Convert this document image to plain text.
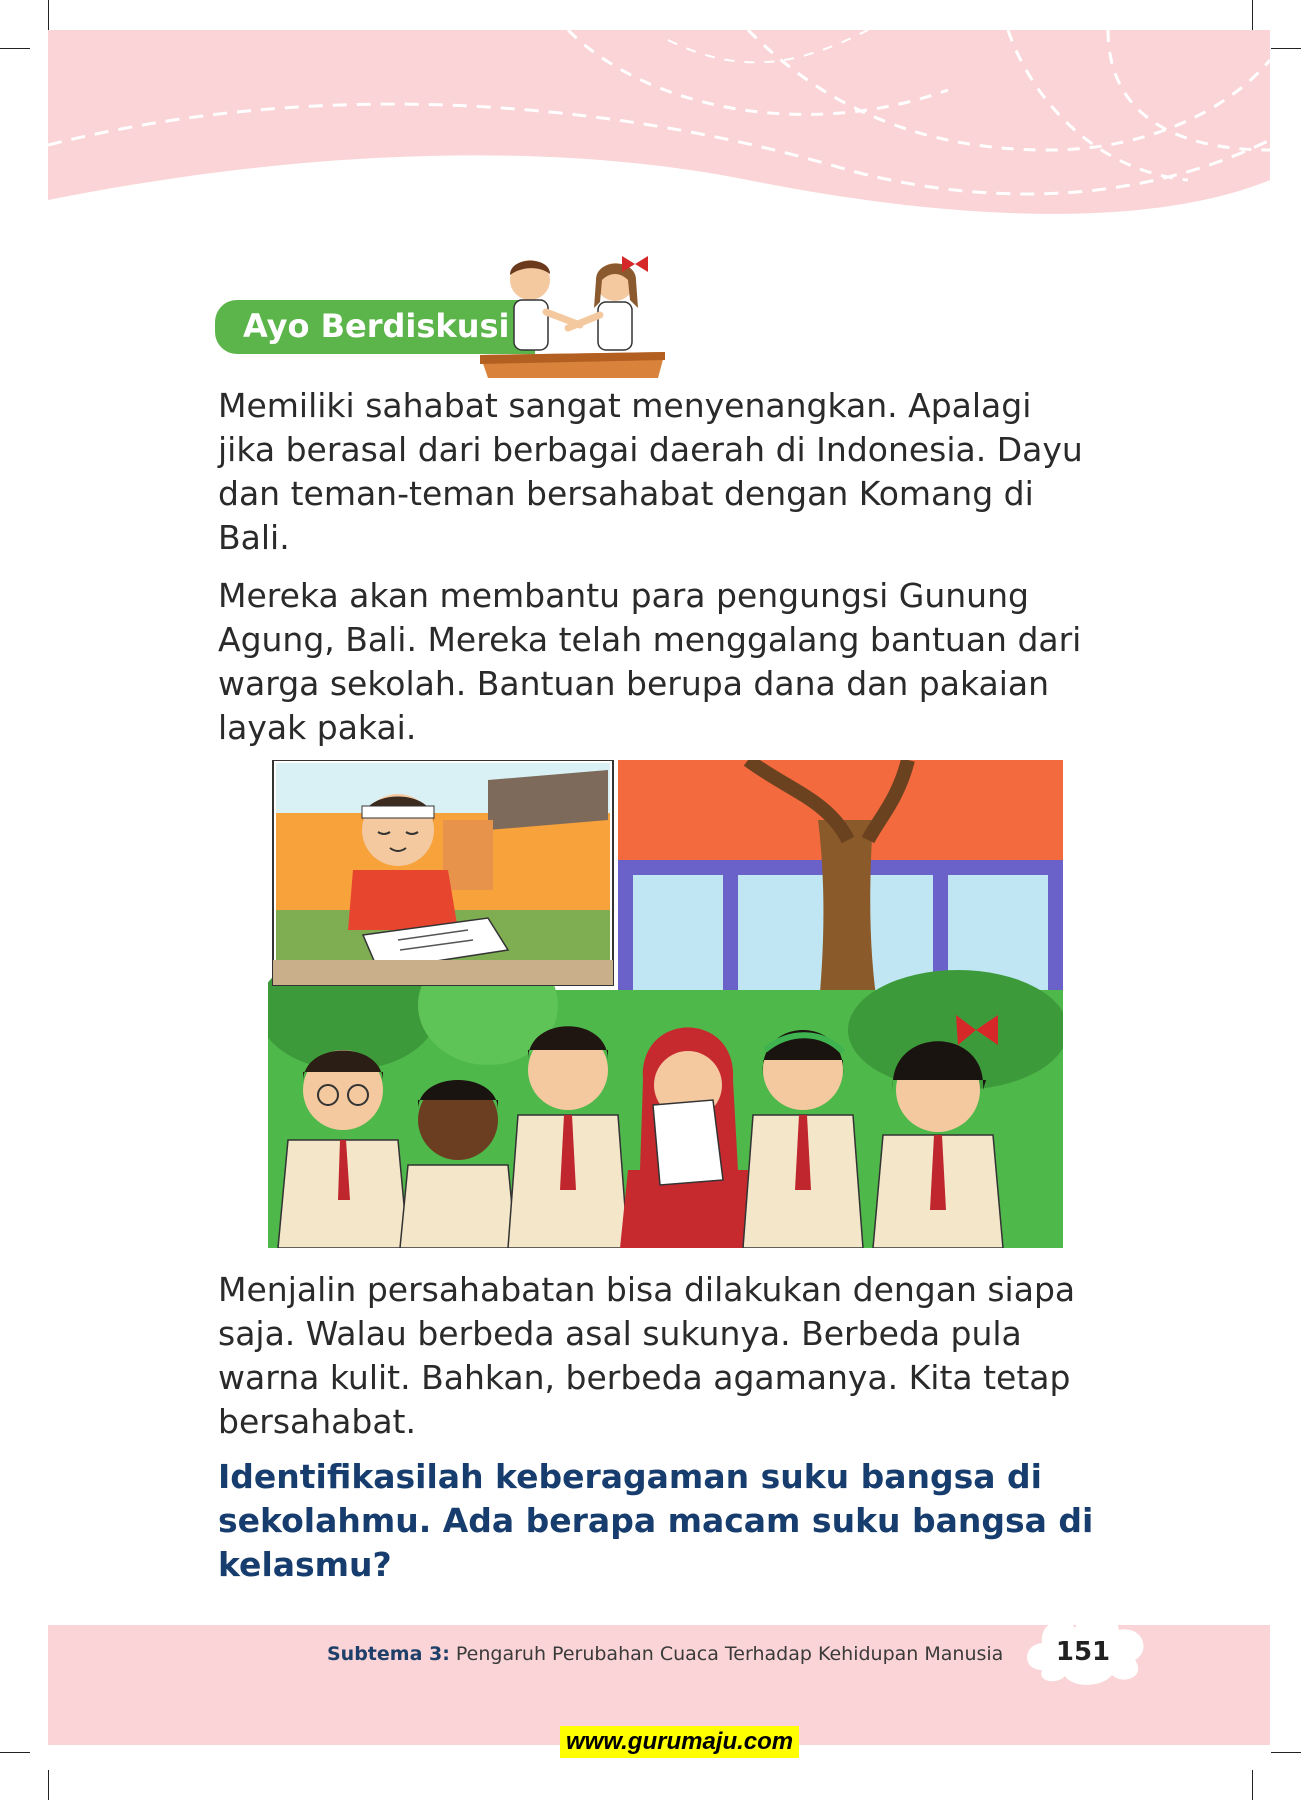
Ayo Berdiskusi

Memiliki sahabat sangat menyenangkan. Apalagi jika berasal dari berbagai daerah di Indonesia. Dayu dan teman-teman bersahabat dengan Komang di Bali.

Mereka akan membantu para pengungsi Gunung Agung, Bali. Mereka telah menggalang bantuan dari warga sekolah. Bantuan berupa dana dan pakaian layak pakai.

Menjalin persahabatan bisa dilakukan dengan siapa saja. Walau berbeda asal sukunya. Berbeda pula warna kulit. Bahkan, berbeda agamanya. Kita tetap bersahabat.

Identifikasilah keberagaman suku bangsa di sekolahmu. Ada berapa macam suku bangsa di kelasmu?

Subtema 3: Pengaruh Perubahan Cuaca Terhadap Kehidupan Manusia 151
www.gurumaju.com
